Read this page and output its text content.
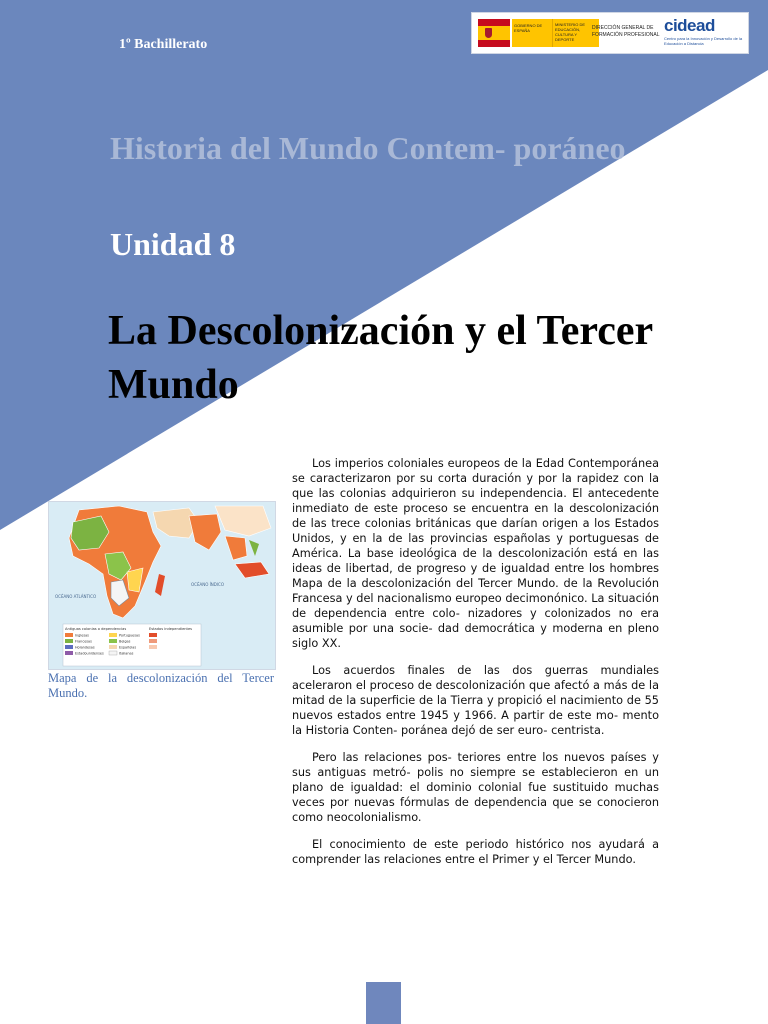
1º Bachillerato
GOBIERNO DE ESPAÑA
MINISTERIO DE EDUCACIÓN, CULTURA Y DEPORTE
DIRECCIÓN GENERAL DE FORMACIÓN PROFESIONAL cidead
Centro para la Innovación y Desarrollo de la Educación a Distancia
Historia del Mundo Contem- poráneo
Unidad 8
La Descolonización y el Tercer Mundo
OCÉANO ATLÁNTICO
OCÉANO ÍNDICO
Antiguas colonias o dependencias	Estados independientes
Inglesas
Francesas
Holandesas
Estadounidenses
Portuguesas
Belgas
Españolas
Italianas

Mapa de la descolonización del Tercer Mundo.

Los imperios coloniales europeos de la Edad Contemporánea se caracterizaron por su corta duración y por la rapidez con la que las colonias adquirieron su independencia. El antecedente inmediato de este proceso se encuentra en la descolonización de las trece colonias británicas que darían origen a los Estados Unidos, y en la de las provincias españolas y portuguesas de América. La base ideológica de la descolonización está en las ideas de libertad, de progreso y de igualdad entre los hombres Mapa de la descolonización del Tercer Mundo. de la Revolución Francesa y del nacionalismo europeo decimonónico. La situación de dependencia entre colo- nizadores y colonizados no era asumible por una socie- dad democrática y moderna en pleno siglo XX.

Los acuerdos finales de las dos guerras mundiales aceleraron el proceso de descolonización que afectó a más de la mitad de la superficie de la Tierra y propició el nacimiento de 55 nuevos estados entre 1945 y 1966. A partir de este mo- mento la Historia Conten- poránea dejó de ser euro- centrista.

Pero las relaciones pos- teriores entre los nuevos países y sus antiguas metró- polis no siempre se establecieron en un plano de igualdad: el dominio colonial fue sustituido muchas veces por nuevas fórmulas de dependencia que se conocieron como neocolonialismo.

El conocimiento de este periodo histórico nos ayudará a comprender las relaciones entre el Primer y el Tercer Mundo.
